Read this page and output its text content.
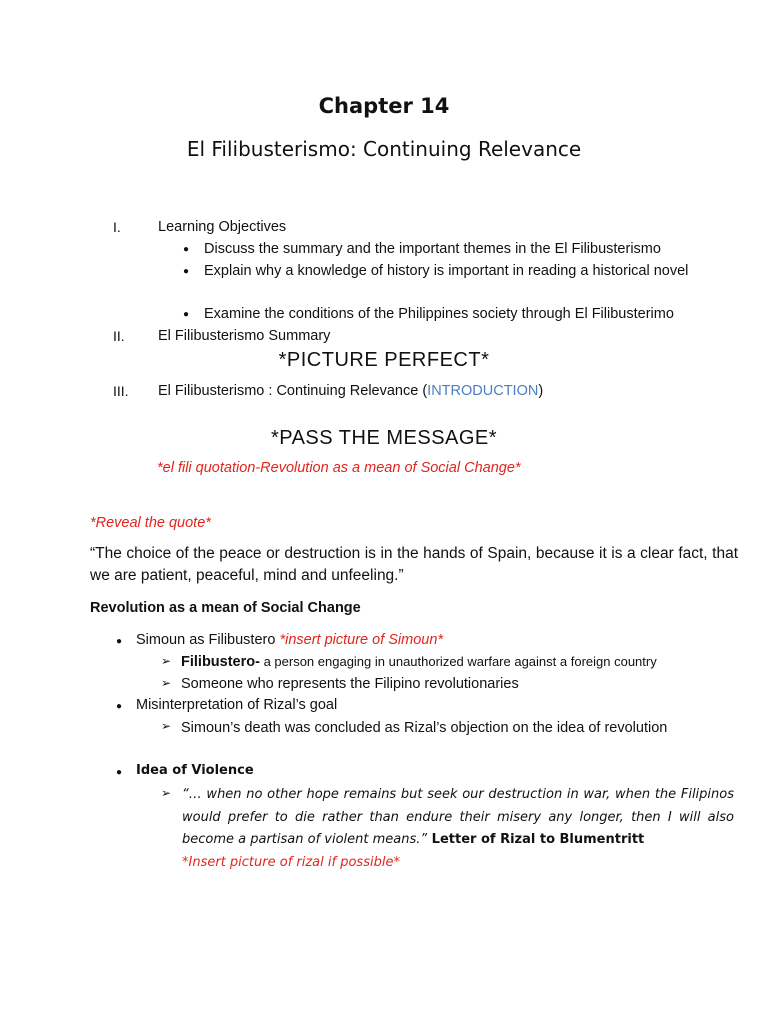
Chapter 14
El Filibusterismo: Continuing Relevance
I.	Learning Objectives
● Discuss the summary and the important themes in the El Filibusterismo
● Explain why a knowledge of history is important in reading a historical novel
● Examine the conditions of the Philippines society through El Filibusterimo
II. El Filibusterismo Summary
*PICTURE PERFECT*
III. El Filibusterismo : Continuing Relevance (INTRODUCTION)
*PASS THE MESSAGE*
*el fili quotation-Revolution as a mean of Social Change*
*Reveal the quote*
“The choice of the peace or destruction is in the hands of Spain, because it is a clear fact, that we are patient, peaceful, mind and unfeeling.”
Revolution as a mean of Social Change
● Simoun as Filibustero *insert picture of Simoun*
➢ Filibustero- a person engaging in unauthorized warfare against a foreign country
➢ Someone who represents the Filipino revolutionaries
● Misinterpretation of Rizal’s goal
➢ Simoun’s death was concluded as Rizal’s objection on the idea of revolution
● Idea of Violence
➢ “… when no other hope remains but seek our destruction in war, when the Filipinos would prefer to die rather than endure their misery any longer, then I will also become a partisan of violent means.” Letter of Rizal to Blumentritt
*Insert picture of rizal if possible*
